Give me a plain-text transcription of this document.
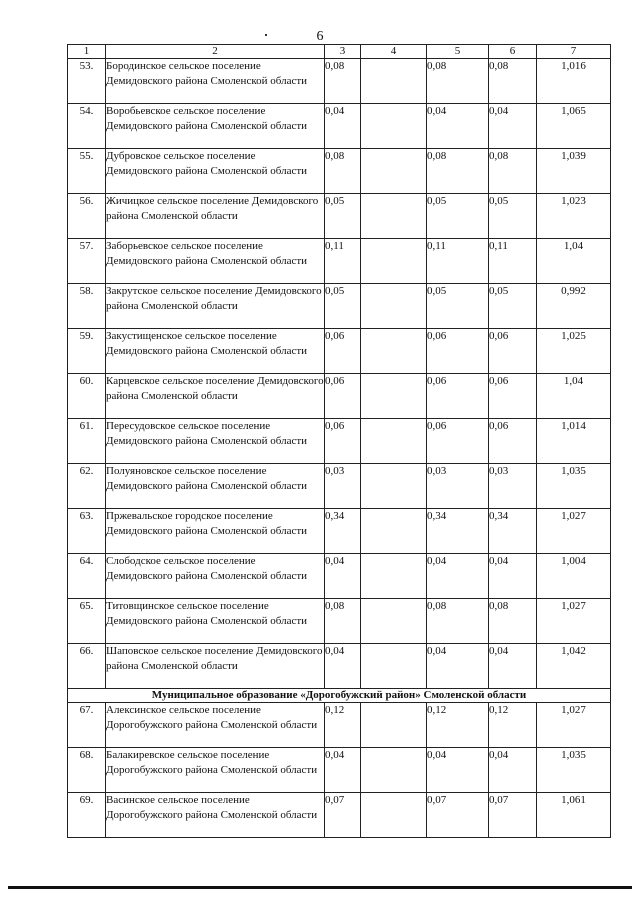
6
1	2	3	4	5	6	7
53.	Бородинское сельское поселение Демидовского района Смоленской области	0,08		0,08	0,08	1,016
54.	Воробьевское сельское поселение Демидовского района Смоленской области	0,04		0,04	0,04	1,065
55.	Дубровское сельское поселение Демидовского района Смоленской области	0,08		0,08	0,08	1,039
56.	Жичицкое сельское поселение Демидовского района Смоленской области	0,05		0,05	0,05	1,023
57.	Заборьевское сельское поселение Демидовского района Смоленской области	0,11		0,11	0,11	1,04
58.	Закрутское сельское поселение Демидовского района Смоленской области	0,05		0,05	0,05	0,992
59.	Закустищенское сельское поселение Демидовского района Смоленской области	0,06		0,06	0,06	1,025
60.	Карцевское сельское поселение Демидовского района Смоленской области	0,06		0,06	0,06	1,04
61.	Пересудовское сельское поселение Демидовского района Смоленской области	0,06		0,06	0,06	1,014
62.	Полуяновское сельское поселение Демидовского района Смоленской области	0,03		0,03	0,03	1,035
63.	Пржевальское городское поселение Демидовского района Смоленской области	0,34		0,34	0,34	1,027
64.	Слободское сельское поселение Демидовского района Смоленской области	0,04		0,04	0,04	1,004
65.	Титовщинское сельское поселение Демидовского района Смоленской области	0,08		0,08	0,08	1,027
66.	Шаповское сельское поселение Демидовского района Смоленской области	0,04		0,04	0,04	1,042
Муниципальное образование «Дорогобужский район» Смоленской области						
67.	Алексинское сельское поселение Дорогобужского района Смоленской области	0,12		0,12	0,12	1,027
68.	Балакиревское сельское поселение Дорогобужского района Смоленской области	0,04		0,04	0,04	1,035
69.	Васинское сельское поселение Дорогобужского района Смоленской области	0,07		0,07	0,07	1,061
